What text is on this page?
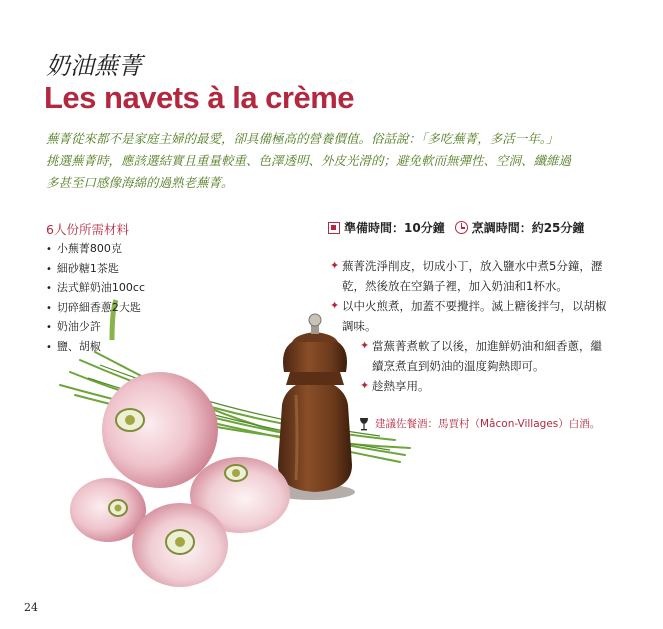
奶油蕪菁
Les navets à la crème

蕪菁從來都不是家庭主婦的最愛，卻具備極高的營養價值。俗話說：「多吃蕪菁，多活一年。」

挑選蕪菁時，應該選結實且重量較重、色澤透明、外皮光滑的；避免軟而無彈性、空洞、纖維過

多甚至口感像海綿的過熟老蕪菁。

6人份所需材料
• 小蕪菁800克
• 細砂糖1茶匙
• 法式鮮奶油100cc
• 切碎細香蔥2大匙
• 奶油少許
• 鹽、胡椒
準備時間：10分鐘 烹調時間：約25分鐘
✦ 蕪菁洗淨削皮，切成小丁，放入鹽水中煮5分鐘，瀝
乾，然後放在空鍋子裡，加入奶油和1杯水。
✦ 以中火煎煮，加蓋不要攪拌。滅上糖後拌勻，以胡椒
調味。
✦ 當蕪菁煮軟了以後，加進鮮奶油和細香蔥，繼
續烹煮直到奶油的溫度夠熱即可。
✦ 趁熱享用。
建議佐餐酒：馬賈村（Mâcon-Villages）白酒。
24
